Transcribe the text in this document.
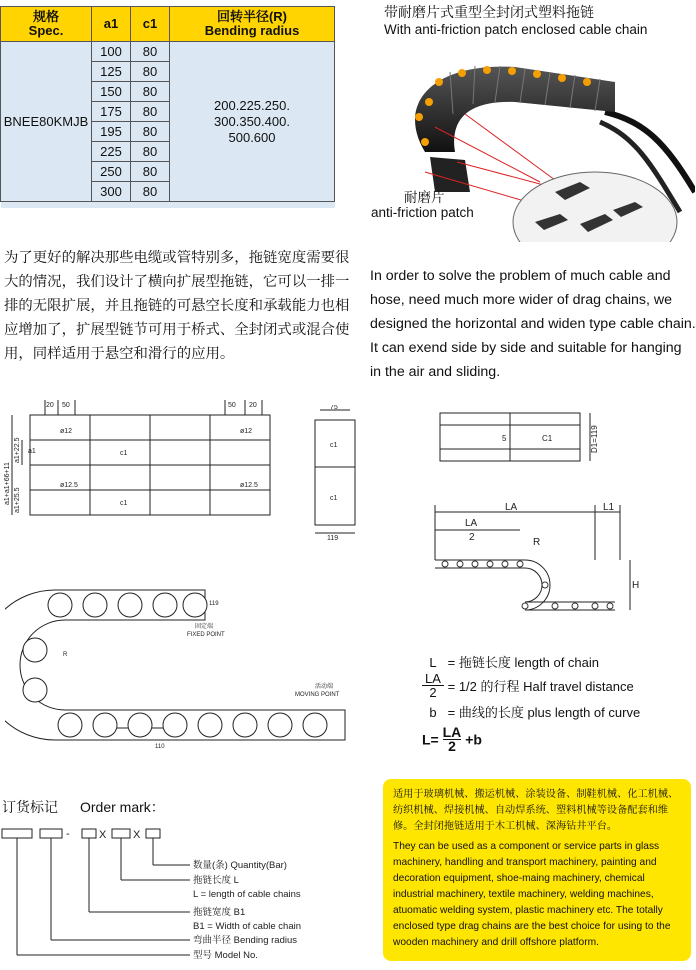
规格
Spec.	a1	c1	回转半径(R)
Bending radius
BNEE80KMJB	100	80	200.225.250.
300.350.400.
500.600
	125	80	
	150	80	
	175	80	
	195	80	
	225	80	
	250	80	
	300	80	

带耐磨片式重型全封闭式塑料拖链
With anti-friction patch enclosed cable chain
耐磨片
anti-friction patch
为了更好的解决那些电缆或管特别多，拖链宽度需要很大的情况，我们设计了横向扩展型拖链，它可以一排一排的无限扩展，并且拖链的可悬空长度和承载能力也相应增加了，扩展型链节可用于桥式、全封闭式或混合使用，同样适用于悬空和滑行的应用。
In order to solve the problem of much cable and hose, need much more wider of drag chains, we designed the horizontal and widen type cable chain. It can exend side by side and suitable for hanging in the air and sliding.
20 50	50 20
ø12	ø12
ø12.5	ø12.5
c1
c1
a1
a1+a1+66+11
a1+22.5
a1+25.5
75
c1
c1
119
C1
5	D1=119
LA	L1
LA
2	R
H
119
固定端
FIXED POINT
活动端
MOVING POINT
R
110
L = 拖链长度 length of chain
$\frac{LA}{2} = 1/2$ 的行程 Half travel distance
b = 曲线的长度 plus length of curve
$L= \frac{LA}{2} +b$
订货标记 Order mark：
-	X X
数量(条) Quantity(Bar)
拖链长度 L
L = length of cable chains
拖链宽度 B1
B1 = Width of cable chain
弯曲半径 Bending radius
型号 Model No.
适用于玻璃机械、搬运机械、涂装设备、制鞋机械、化工机械、纺织机械、焊接机械、自动焊系统、塑料机械等设备配套和维修。全封闭拖链适用于木工机械、深海钻井平台。
They can be used as a component or service parts in glass machinery, handling and transport machinery, painting and decoration equipment, shoe-maing machinery, chemical industrial machinery, textile machinery, welding machines, atuomatic welding system, plastic machinery etc. The totally enclosed type drag chains are the best choice for using to the wooden machinery and drill offshore platform.
